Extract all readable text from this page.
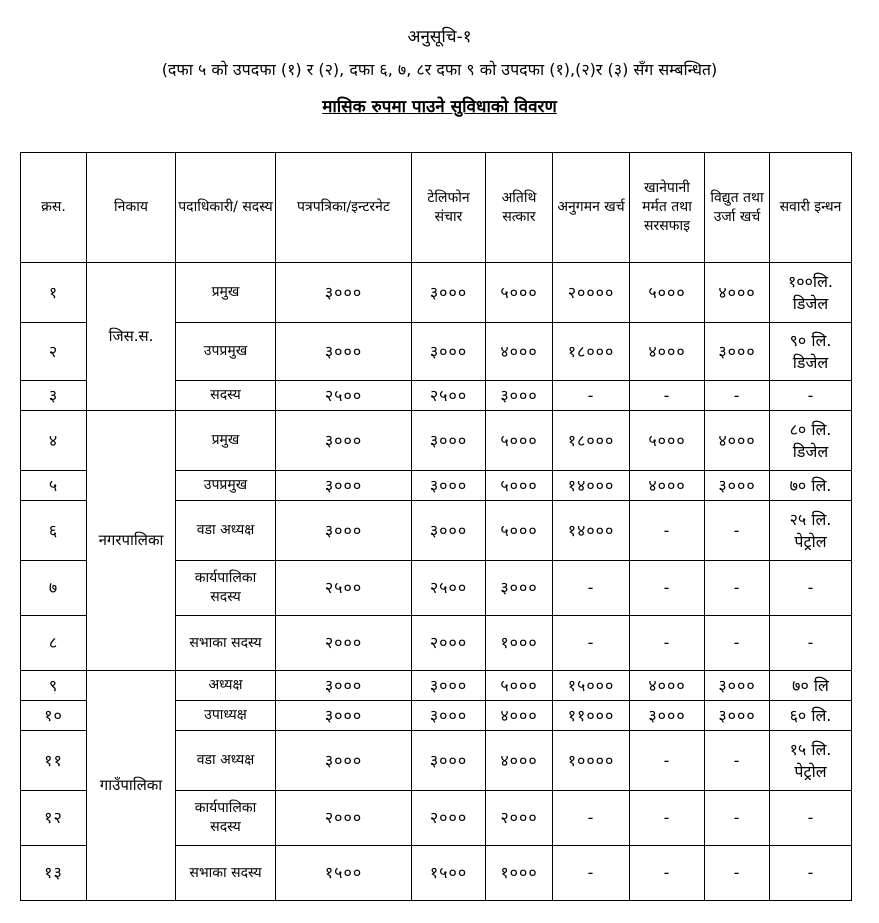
अनुसूचि-१
(दफा ५ को उपदफा (१) र (२), दफा ६, ७, ८र दफा ९ को उपदफा (१),(२)र (३) सँग सम्बन्धित)
मासिक रुपमा पाउने सुविधाको विवरण
क्रस.	निकाय	पदाधिकारी/ सदस्य	पत्रपत्रिका/इन्टरनेट	टेलिफोन संचार	अतिथि सत्कार	अनुगमन खर्च	खानेपानी मर्मत तथा सरसफाइ	विद्युत तथा उर्जा खर्च	सवारी इन्धन
१	जिस.स.	प्रमुख	३०००	३०००	५०००	२००००	५०००	४०००	१००लि. डिजेल
२		उपप्रमुख	३०००	३०००	४०००	१८०००	४०००	३०००	९० लि. डिजेल
३		सदस्य	२५००	२५००	३०००	-	-	-	-
४	नगरपालिका	प्रमुख	३०००	३०००	५०००	१८०००	५०००	४०००	८० लि. डिजेल
५		उपप्रमुख	३०००	३०००	५०००	१४०००	४०००	३०००	७० लि.
६		वडा अध्यक्ष	३०००	३०००	५०००	१४०००	-	-	२५ लि. पेट्रोल
७		कार्यपालिका सदस्य	२५००	२५००	३०००	-	-	-	-
८		सभाका सदस्य	२०००	२०००	१०००	-	-	-	-
९	गाउँपालिका	अध्यक्ष	३०००	३०००	५०००	१५०००	४०००	३०००	७० लि
१०		उपाध्यक्ष	३०००	३०००	४०००	११०००	३०००	३०००	६० लि.
११		वडा अध्यक्ष	३०००	३०००	४०००	१००००	-	-	१५ लि. पेट्रोल
१२		कार्यपालिका सदस्य	२०००	२०००	२०००	-	-	-	-
१३		सभाका सदस्य	१५००	१५००	१०००	-	-	-	-
